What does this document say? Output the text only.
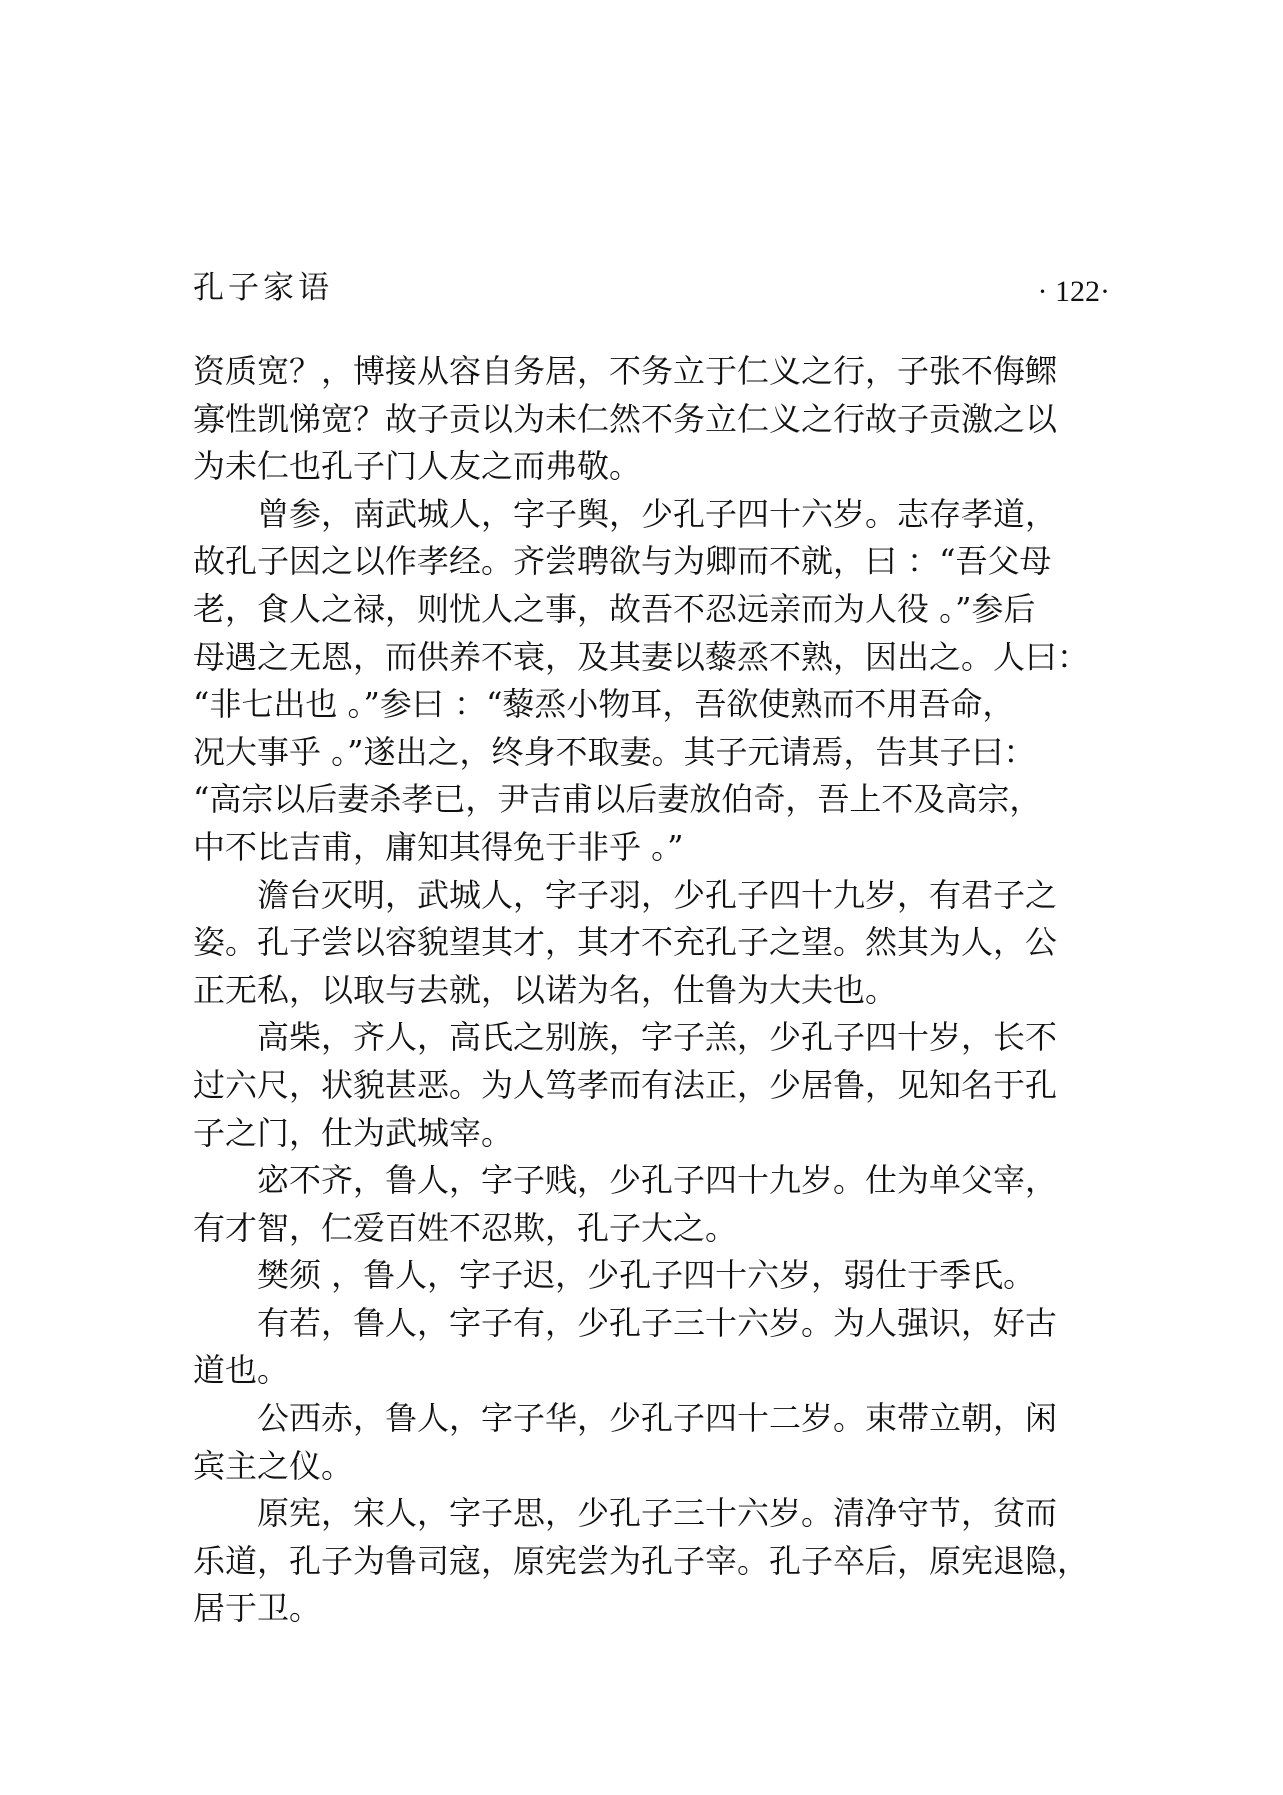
孔子家语	· 122·
资质宽？，博接从容自务居，不务立于仁义之行，子张不侮鳏
寡性凯悌宽？故子贡以为未仁然不务立仁义之行故子贡激之以
为未仁也孔子门人友之而弗敬。
　　曾参，南武城人，字子舆，少孔子四十六岁。志存孝道，
故孔子因之以作孝经。齐尝聘欲与为卿而不就，曰 ：“吾父母
老，食人之禄，则忧人之事，故吾不忍远亲而为人役 。”参后
母遇之无恩，而供养不衰，及其妻以藜烝不熟，因出之。人曰：
“非七出也 。”参曰 ：“藜烝小物耳，吾欲使熟而不用吾命，
况大事乎 。”遂出之，终身不取妻。其子元请焉，告其子曰：
“高宗以后妻杀孝已，尹吉甫以后妻放伯奇，吾上不及高宗，
中不比吉甫，庸知其得免于非乎 。”
　　澹台灭明，武城人，字子羽，少孔子四十九岁，有君子之
姿。孔子尝以容貌望其才，其才不充孔子之望。然其为人，公
正无私，以取与去就，以诺为名，仕鲁为大夫也。
　　高柴，齐人，高氏之别族，字子羔，少孔子四十岁，长不
过六尺，状貌甚恶。为人笃孝而有法正，少居鲁，见知名于孔
子之门，仕为武城宰。
　　宓不齐，鲁人，字子贱，少孔子四十九岁。仕为单父宰，
有才智，仁爱百姓不忍欺，孔子大之。
　　樊须 ，鲁人，字子迟，少孔子四十六岁，弱仕于季氏。
　　有若，鲁人，字子有，少孔子三十六岁。为人强识，好古
道也。
　　公西赤，鲁人，字子华，少孔子四十二岁。束带立朝，闲
宾主之仪。
　　原宪，宋人，字子思，少孔子三十六岁。清净守节，贫而
乐道，孔子为鲁司寇，原宪尝为孔子宰。孔子卒后，原宪退隐，
居于卫。
